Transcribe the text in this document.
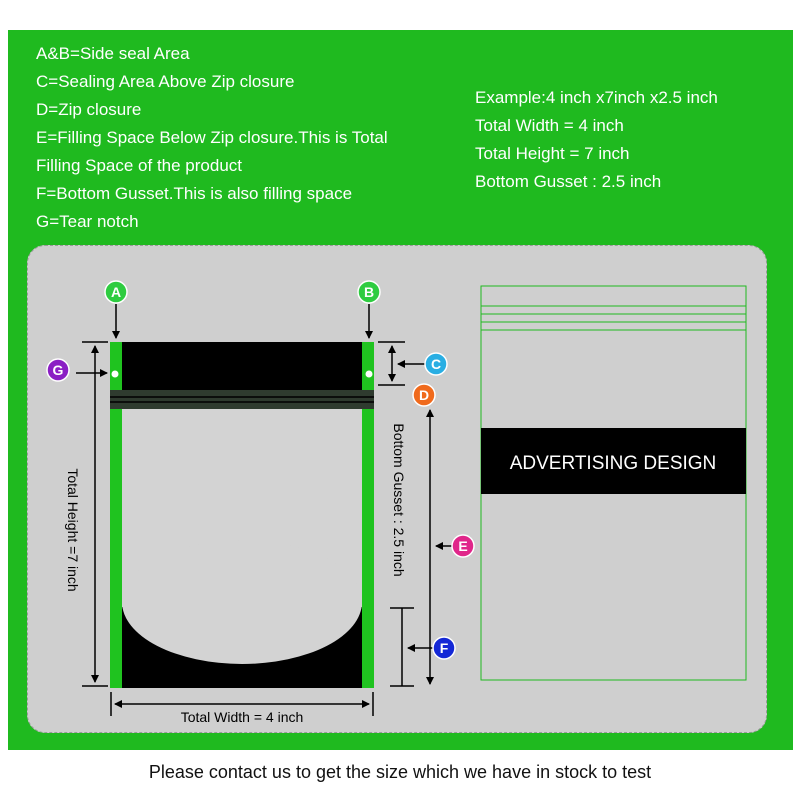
A&B=Side seal Area
C=Sealing Area Above Zip closure
D=Zip closure
E=Filling Space Below Zip closure.This is Total
Filling Space of the product
F=Bottom Gusset.This is also filling space
G=Tear notch
Example:4 inch x7inch x2.5 inch
Total Width = 4 inch
Total Height = 7 inch
Bottom Gusset : 2.5 inch
Total Height =7 inch	Bottom Gusset : 2.5 inch
Total Width = 4 inch
A	B
C
D
E
F
G
ADVERTISING DESIGN
Please contact us to get the size which we have in stock to test
